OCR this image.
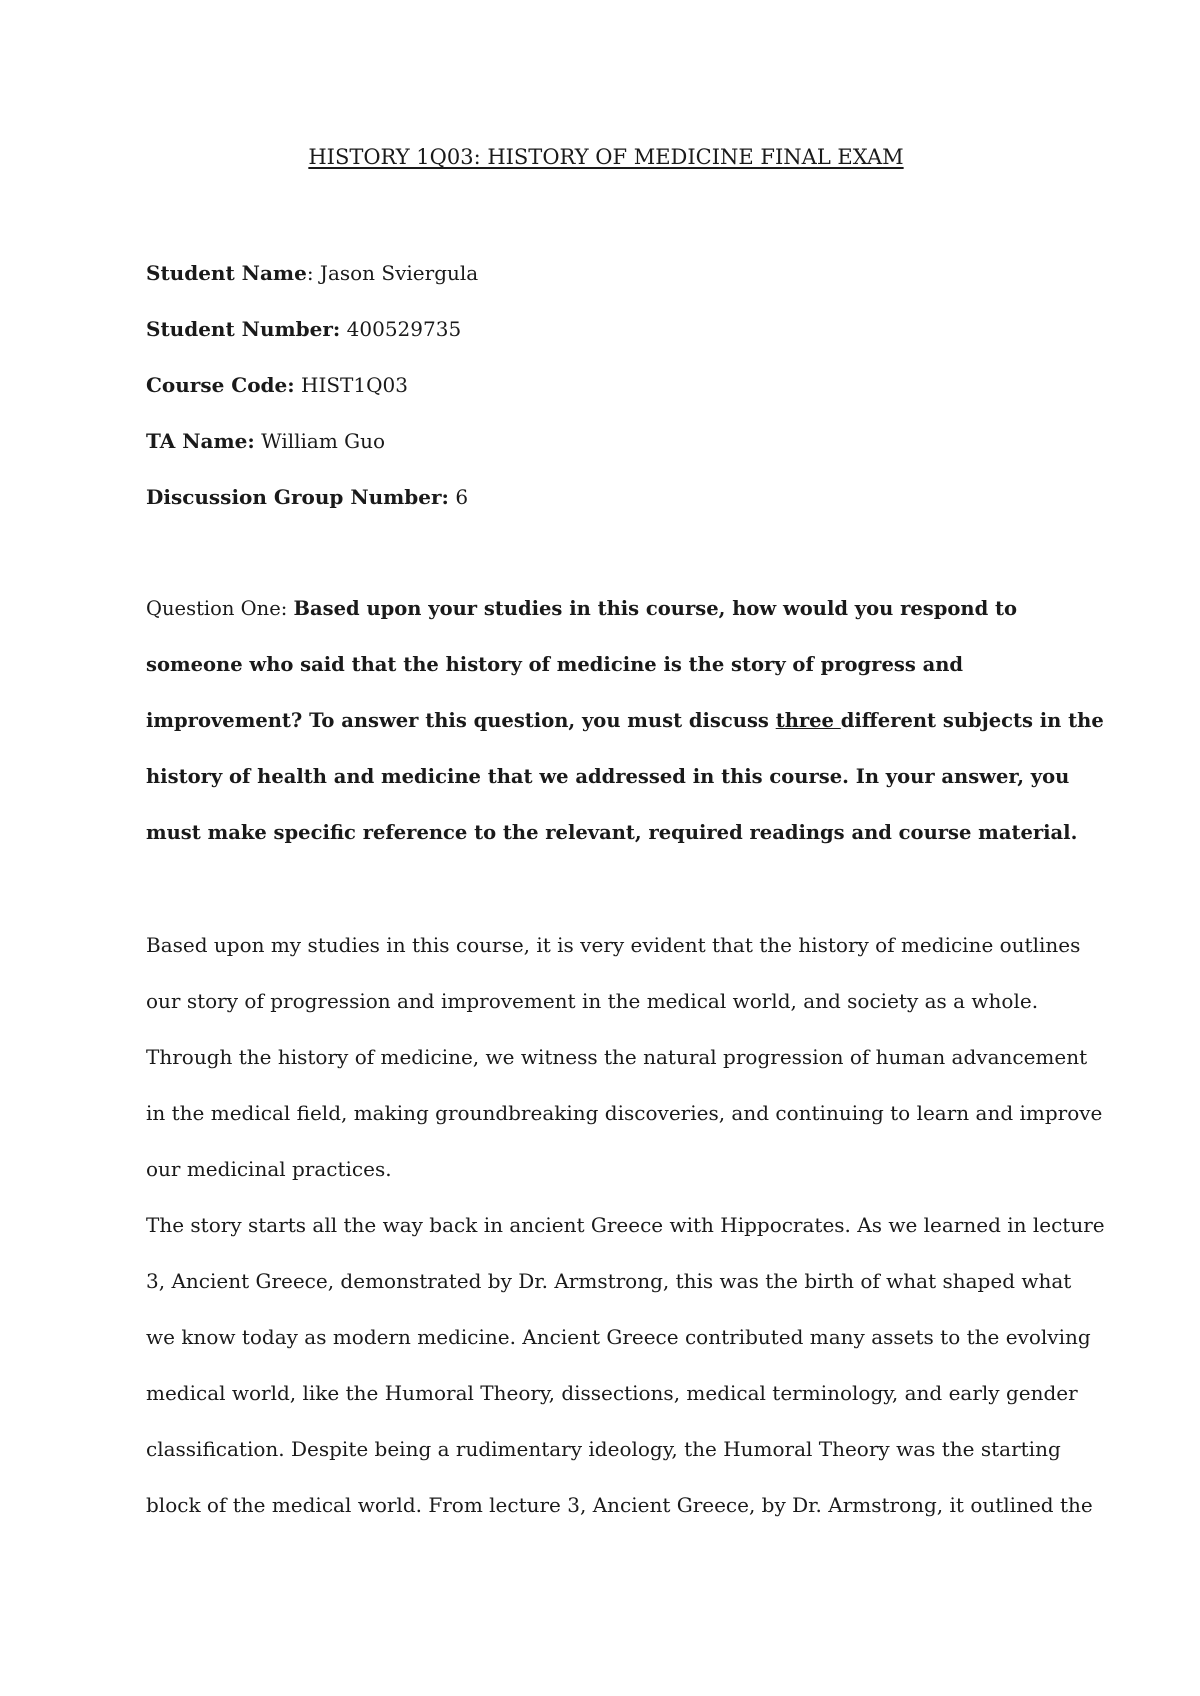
HISTORY 1Q03: HISTORY OF MEDICINE FINAL EXAM
Student Name: Jason Sviergula
Student Number: 400529735
Course Code: HIST1Q03
TA Name: William Guo
Discussion Group Number: 6
Question One: Based upon your studies in this course, how would you respond to
someone who said that the history of medicine is the story of progress and
improvement? To answer this question, you must discuss three different subjects in the
history of health and medicine that we addressed in this course. In your answer, you
must make specific reference to the relevant, required readings and course material.
Based upon my studies in this course, it is very evident that the history of medicine outlines
our story of progression and improvement in the medical world, and society as a whole.
Through the history of medicine, we witness the natural progression of human advancement
in the medical field, making groundbreaking discoveries, and continuing to learn and improve
our medicinal practices.
The story starts all the way back in ancient Greece with Hippocrates. As we learned in lecture
3, Ancient Greece, demonstrated by Dr. Armstrong, this was the birth of what shaped what
we know today as modern medicine. Ancient Greece contributed many assets to the evolving
medical world, like the Humoral Theory, dissections, medical terminology, and early gender
classification. Despite being a rudimentary ideology, the Humoral Theory was the starting
block of the medical world. From lecture 3, Ancient Greece, by Dr. Armstrong, it outlined the
